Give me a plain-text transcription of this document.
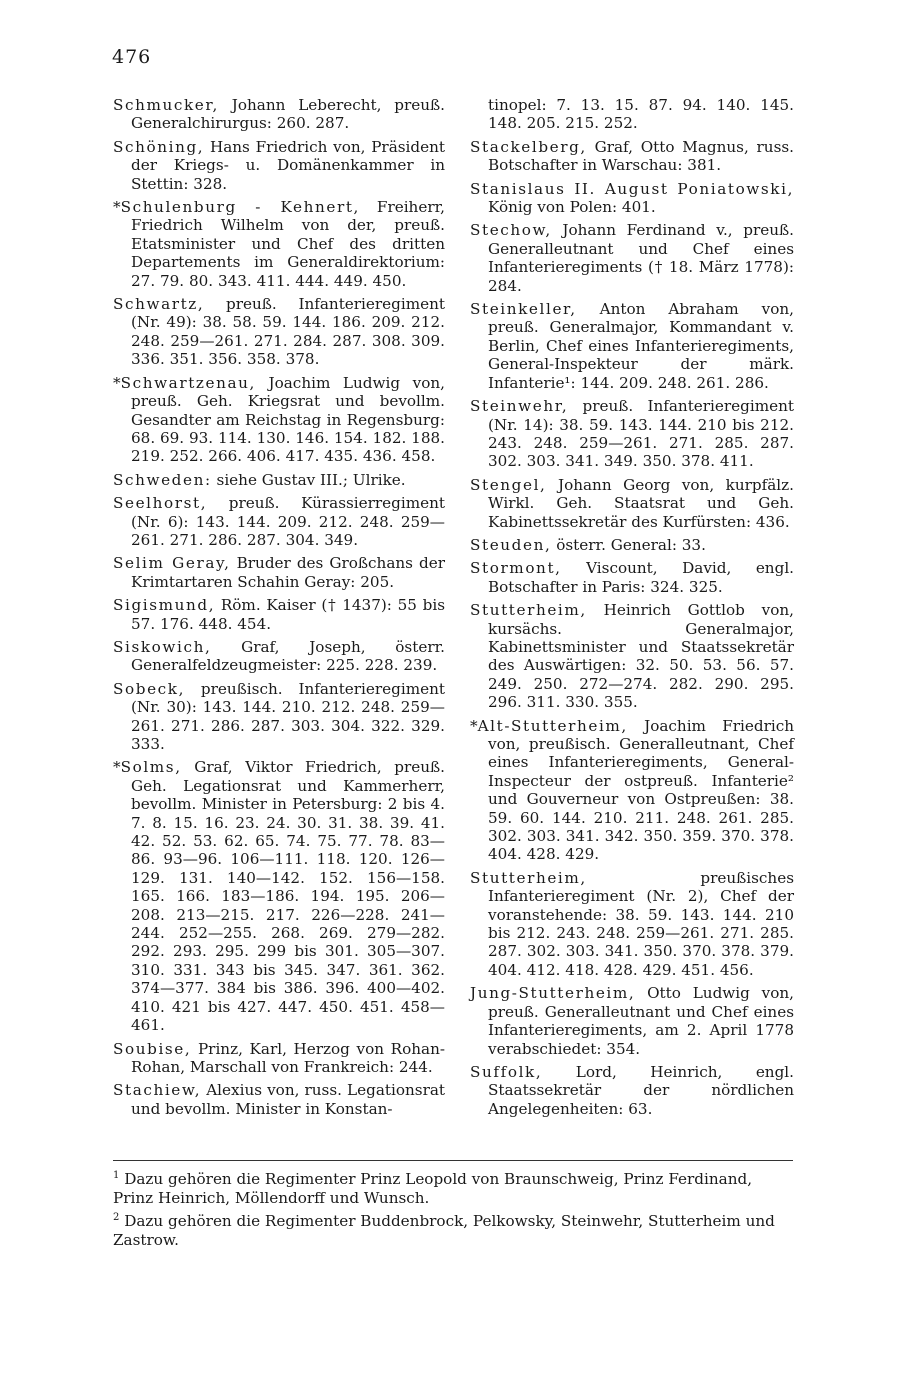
476

Schmucker, Johann Leberecht, preuß. Generalchirurgus: 260. 287.

Schöning, Hans Friedrich von, Präsident der Kriegs- u. Domänenkammer in Stettin: 328.

*Schulenburg - Kehnert, Freiherr, Friedrich Wilhelm von der, preuß. Etatsminister und Chef des dritten Departements im Generaldirektorium: 27. 79. 80. 343. 411. 444. 449. 450.

Schwartz, preuß. Infanterieregiment (Nr. 49): 38. 58. 59. 144. 186. 209. 212. 248. 259—261. 271. 284. 287. 308. 309. 336. 351. 356. 358. 378.

*Schwartzenau, Joachim Ludwig von, preuß. Geh. Kriegsrat und bevollm. Gesandter am Reichstag in Regensburg: 68. 69. 93. 114. 130. 146. 154. 182. 188. 219. 252. 266. 406. 417. 435. 436. 458.

Schweden: siehe Gustav III.; Ulrike.

Seelhorst, preuß. Kürassierregiment (Nr. 6): 143. 144. 209. 212. 248. 259—261. 271. 286. 287. 304. 349.

Selim Geray, Bruder des Großchans der Krimtartaren Schahin Geray: 205.

Sigismund, Röm. Kaiser († 1437): 55 bis 57. 176. 448. 454.

Siskowich, Graf, Joseph, österr. Generalfeldzeugmeister: 225. 228. 239.

Sobeck, preußisch. Infanterieregiment (Nr. 30): 143. 144. 210. 212. 248. 259—261. 271. 286. 287. 303. 304. 322. 329. 333.

*Solms, Graf, Viktor Friedrich, preuß. Geh. Legationsrat und Kammerherr, bevollm. Minister in Petersburg: 2 bis 4. 7. 8. 15. 16. 23. 24. 30. 31. 38. 39. 41. 42. 52. 53. 62. 65. 74. 75. 77. 78. 83—86. 93—96. 106—111. 118. 120. 126—129. 131. 140—142. 152. 156—158. 165. 166. 183—186. 194. 195. 206—208. 213—215. 217. 226—228. 241—244. 252—255. 268. 269. 279—282. 292. 293. 295. 299 bis 301. 305—307. 310. 331. 343 bis 345. 347. 361. 362. 374—377. 384 bis 386. 396. 400—402. 410. 421 bis 427. 447. 450. 451. 458—461.

Soubise, Prinz, Karl, Herzog von Rohan-Rohan, Marschall von Frankreich: 244.

Stachiew, Alexius von, russ. Legationsrat und bevollm. Minister in Konstan-

tinopel: 7. 13. 15. 87. 94. 140. 145. 148. 205. 215. 252.

Stackelberg, Graf, Otto Magnus, russ. Botschafter in Warschau: 381.

Stanislaus II. August Poniatowski, König von Polen: 401.

Stechow, Johann Ferdinand v., preuß. Generalleutnant und Chef eines Infanterieregiments († 18. März 1778): 284.

Steinkeller, Anton Abraham von, preuß. Generalmajor, Kommandant v. Berlin, Chef eines Infanterieregiments, General-Inspekteur der märk. Infanterie¹: 144. 209. 248. 261. 286.

Steinwehr, preuß. Infanterieregiment (Nr. 14): 38. 59. 143. 144. 210 bis 212. 243. 248. 259—261. 271. 285. 287. 302. 303. 341. 349. 350. 378. 411.

Stengel, Johann Georg von, kurpfälz. Wirkl. Geh. Staatsrat und Geh. Kabinettssekretär des Kurfürsten: 436.

Steuden, österr. General: 33.

Stormont, Viscount, David, engl. Botschafter in Paris: 324. 325.

Stutterheim, Heinrich Gottlob von, kursächs. Generalmajor, Kabinettsminister und Staatssekretär des Auswärtigen: 32. 50. 53. 56. 57. 249. 250. 272—274. 282. 290. 295. 296. 311. 330. 355.

*Alt-Stutterheim, Joachim Friedrich von, preußisch. Generalleutnant, Chef eines Infanterieregiments, General-Inspecteur der ostpreuß. Infanterie² und Gouverneur von Ostpreußen: 38. 59. 60. 144. 210. 211. 248. 261. 285. 302. 303. 341. 342. 350. 359. 370. 378. 404. 428. 429.

Stutterheim, preußisches Infanterieregiment (Nr. 2), Chef der voranstehende: 38. 59. 143. 144. 210 bis 212. 243. 248. 259—261. 271. 285. 287. 302. 303. 341. 350. 370. 378. 379. 404. 412. 418. 428. 429. 451. 456.

Jung-Stutterheim, Otto Ludwig von, preuß. Generalleutnant und Chef eines Infanterieregiments, am 2. April 1778 verabschiedet: 354.

Suffolk, Lord, Heinrich, engl. Staatssekretär der nördlichen Angelegenheiten: 63.

$^1$ Dazu gehören die Regimenter Prinz Leopold von Braunschweig, Prinz Ferdinand, Prinz Heinrich, Möllendorff und Wunsch.

$^2$ Dazu gehören die Regimenter Buddenbrock, Pelkowsky, Steinwehr, Stutterheim und Zastrow.
